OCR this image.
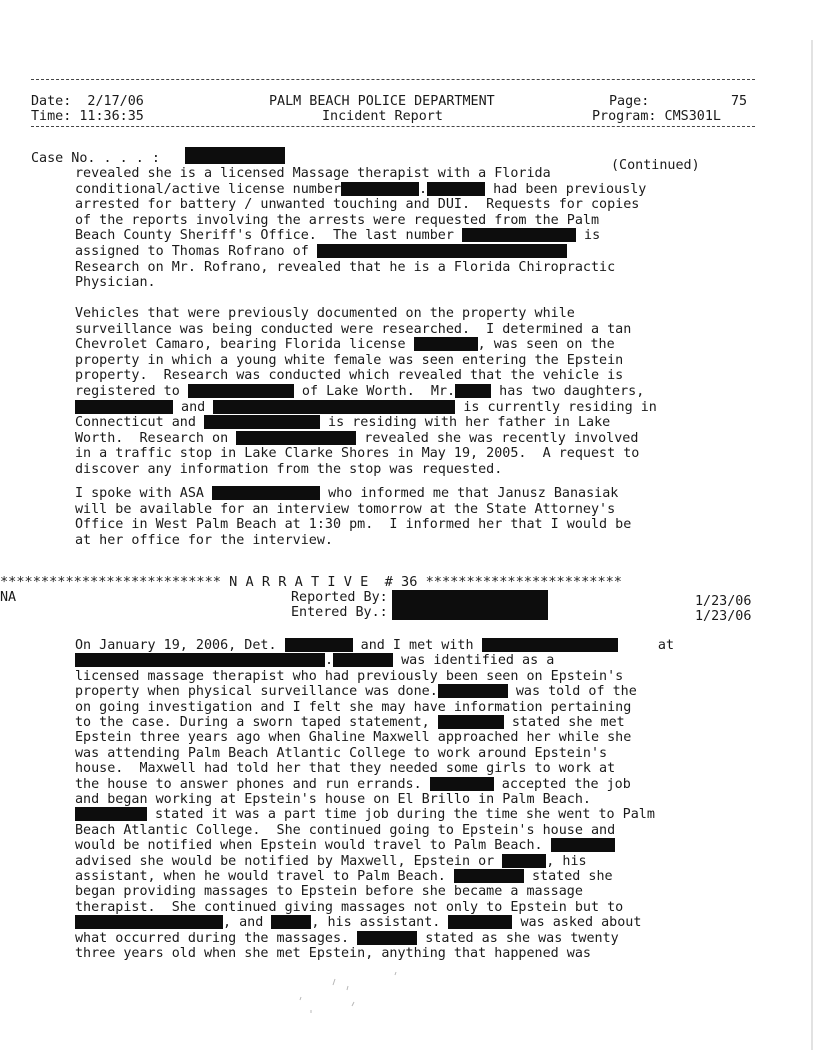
Date:  2/17/06
Time: 11:36:35
PALM BEACH POLICE DEPARTMENT
Incident Report
Page:	75
Program: CMS301L
Case No. . . . :	(Continued)
revealed she is a licensed Massage therapist with a Florida
conditional/active license number	.	had been previously
arrested for battery / unwanted touching and DUI.  Requests for copies
of the reports involving the arrests were requested from the Palm
Beach County Sheriff's Office.  The last number	is
assigned to Thomas Rofrano of
Research on Mr. Rofrano, revealed that he is a Florida Chiropractic
Physician.
Vehicles that were previously documented on the property while
surveillance was being conducted were researched.  I determined a tan
Chevrolet Camaro, bearing Florida license	, was seen on the
property in which a young white female was seen entering the Epstein
property.  Research was conducted which revealed that the vehicle is
registered to	of Lake Worth.  Mr.	has two daughters,
and	is currently residing in
Connecticut and	is residing with her father in Lake
Worth.  Research on	revealed she was recently involved
in a traffic stop in Lake Clarke Shores in May 19, 2005.  A request to
discover any information from the stop was requested.
I spoke with ASA	who informed me that Janusz Banasiak
will be available for an interview tomorrow at the State Attorney's
Office in West Palm Beach at 1:30 pm.  I informed her that I would be
at her office for the interview.
*************************** N A R R A T I V E  # 36 ************************
NA	Reported By:
Entered By.:
1/23/06
1/23/06
On January 19, 2006, Det.	and I met with	at
.	was identified as a
licensed massage therapist who had previously been seen on Epstein's
property when physical surveillance was done.	was told of the
on going investigation and I felt she may have information pertaining
to the case. During a sworn taped statement,	stated she met
Epstein three years ago when Ghaline Maxwell approached her while she
was attending Palm Beach Atlantic College to work around Epstein's
house.  Maxwell had told her that they needed some girls to work at
the house to answer phones and run errands.	accepted the job
and began working at Epstein's house on El Brillo in Palm Beach.
stated it was a part time job during the time she went to Palm
Beach Atlantic College.  She continued going to Epstein's house and
would be notified when Epstein would travel to Palm Beach.
advised she would be notified by Maxwell, Epstein or	, his
assistant, when he would travel to Palm Beach.	stated she
began providing massages to Epstein before she became a massage
therapist.  She continued giving massages not only to Epstein but to
, and	, his assistant.	was asked about
what occurred during the massages.	stated as she was twenty
three years old when she met Epstein, anything that happened was
